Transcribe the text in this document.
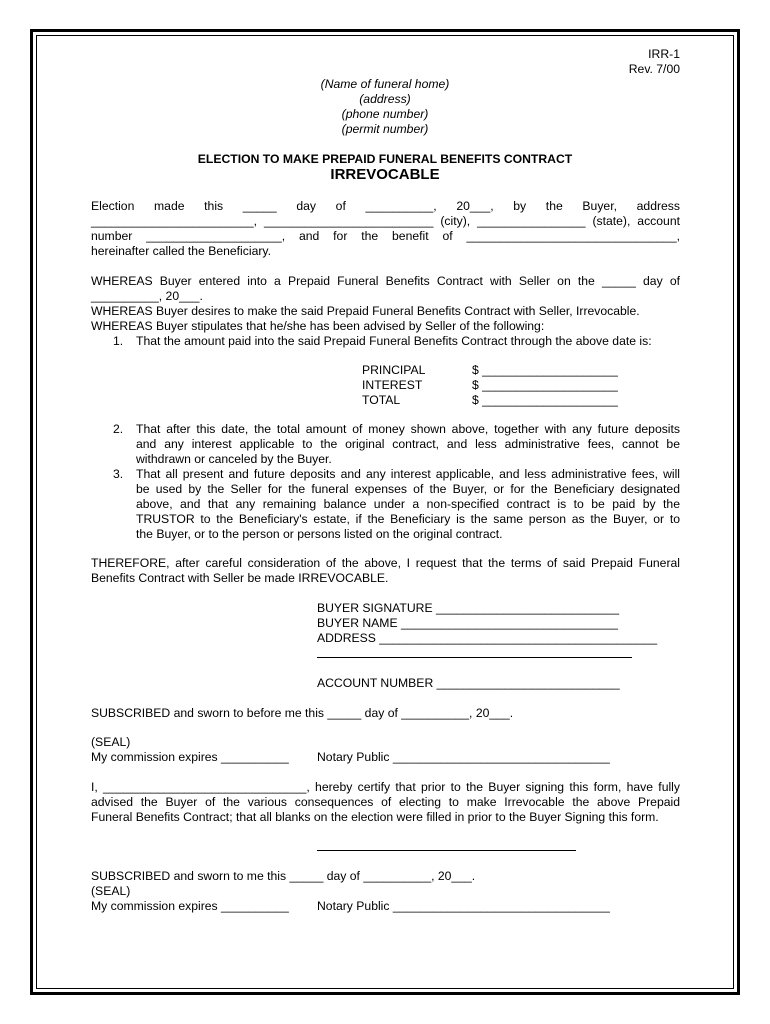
IRR-1
Rev. 7/00
(Name of funeral home)
(address)
(phone number)
(permit number)
ELECTION TO MAKE PREPAID FUNERAL BENEFITS CONTRACT
IRREVOCABLE
Election made this _____ day of __________, 20___, by the Buyer, address
________________________, _________________________ (city), ________________ (state), account
number ____________________, and for the benefit of _______________________________,
hereinafter called the Beneficiary.
WHEREAS Buyer entered into a Prepaid Funeral Benefits Contract with Seller on the _____ day of
__________, 20___.
WHEREAS Buyer desires to make the said Prepaid Funeral Benefits Contract with Seller, Irrevocable.
WHEREAS Buyer stipulates that he/she has been advised by Seller of the following:
1. That the amount paid into the said Prepaid Funeral Benefits Contract through the above date is:
PRINCIPAL	$ ____________________
INTEREST	$ ____________________
TOTAL	$ ____________________
2. That after this date, the total amount of money shown above, together with any future deposits
and any interest applicable to the original contract, and less administrative fees, cannot be
withdrawn or canceled by the Buyer.
3. That all present and future deposits and any interest applicable, and less administrative fees, will
be used by the Seller for the funeral expenses of the Buyer, or for the Beneficiary designated
above, and that any remaining balance under a non-specified contract is to be paid by the
TRUSTOR to the Beneficiary's estate, if the Beneficiary is the same person as the Buyer, or to
the Buyer, or to the person or persons listed on the original contract.
THEREFORE, after careful consideration of the above, I request that the terms of said Prepaid Funeral
Benefits Contract with Seller be made IRREVOCABLE.
BUYER SIGNATURE ___________________________
BUYER NAME ________________________________
ADDRESS _________________________________________
ACCOUNT NUMBER ___________________________
SUBSCRIBED and sworn to before me this _____ day of __________, 20___.
(SEAL)
My commission expires __________ Notary Public ________________________________
I, ______________________________, hereby certify that prior to the Buyer signing this form, have fully
advised the Buyer of the various consequences of electing to make Irrevocable the above Prepaid
Funeral Benefits Contract; that all blanks on the election were filled in prior to the Buyer Signing this form.
SUBSCRIBED and sworn to me this _____ day of __________, 20___.
(SEAL)
My commission expires __________ Notary Public ________________________________
